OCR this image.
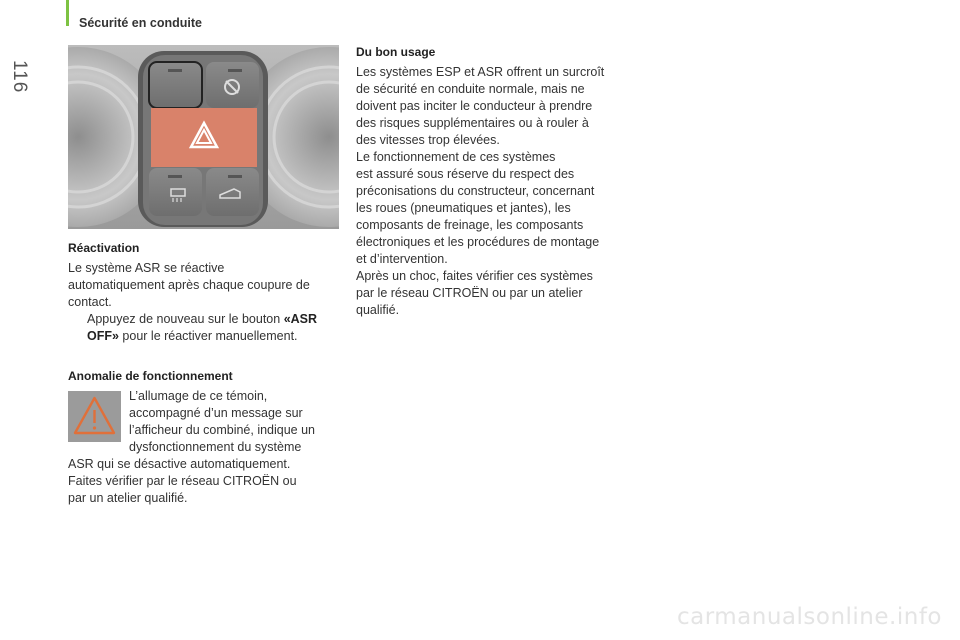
Sécurité en conduite
116
Réactivation

Le système ASR se réactive

automatiquement après chaque coupure de

contact.

Appuyez de nouveau sur le bouton «ASR

OFF» pour le réactiver manuellement.

Anomalie de fonctionnement

L’allumage de ce témoin,

accompagné d’un message sur

l’afficheur du combiné, indique un

dysfonctionnement du système

ASR qui se désactive automatiquement.

Faites vérifier par le réseau CITROËN ou

par un atelier qualifié.

Du bon usage

Les systèmes ESP et ASR offrent un surcroît

de sécurité en conduite normale, mais ne

doivent pas inciter le conducteur à prendre

des risques supplémentaires ou à rouler à

des vitesses trop élevées.

Le fonctionnement de ces systèmes

est assuré sous réserve du respect des

préconisations du constructeur, concernant

les roues (pneumatiques et jantes), les

composants de freinage, les composants

électroniques et les procédures de montage

et d’intervention.

Après un choc, faites vérifier ces systèmes

par le réseau CITROËN ou par un atelier

qualifié.

carmanualsonline.info
